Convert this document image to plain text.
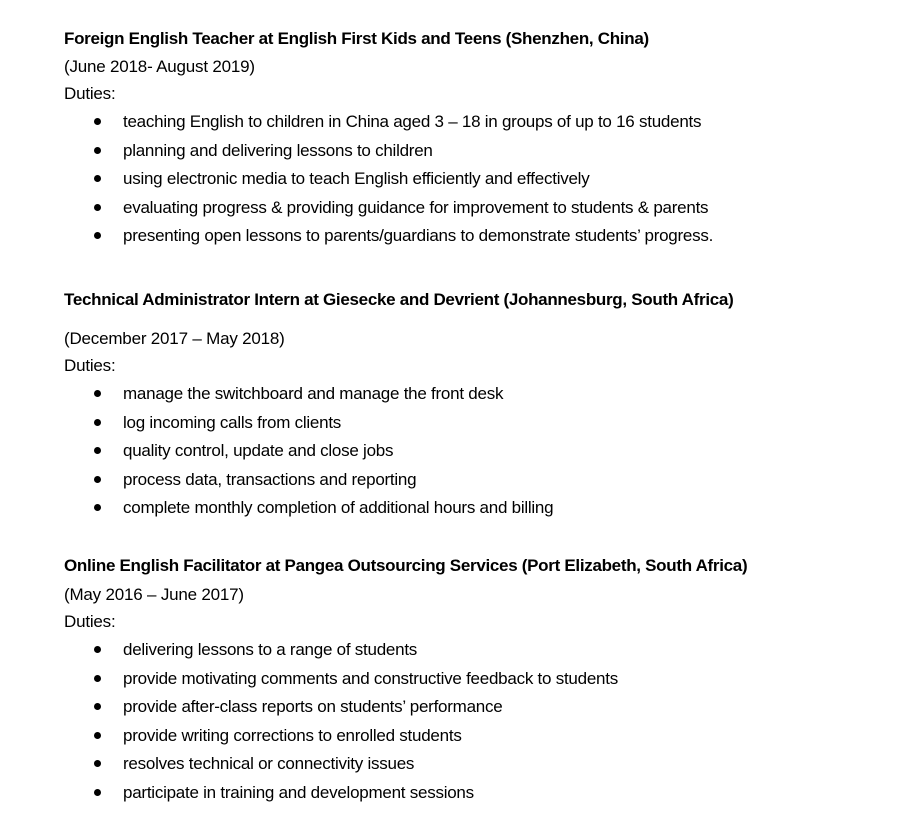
Foreign English Teacher at English First Kids and Teens (Shenzhen, China)
(June 2018- August 2019)
Duties:
teaching English to children in China aged 3 – 18 in groups of up to 16 students
planning and delivering lessons to children
using electronic media to teach English efficiently and effectively
evaluating progress & providing guidance for improvement to students & parents
presenting open lessons to parents/guardians to demonstrate students’ progress.
Technical Administrator Intern at Giesecke and Devrient (Johannesburg, South Africa)
(December 2017 – May 2018)
Duties:
manage the switchboard and manage the front desk
log incoming calls from clients
quality control, update and close jobs
process data, transactions and reporting
complete monthly completion of additional hours and billing
Online English Facilitator at Pangea Outsourcing Services (Port Elizabeth, South Africa)
(May 2016 – June 2017)
Duties:
delivering lessons to a range of students
provide motivating comments and constructive feedback to students
provide after-class reports on students’ performance
provide writing corrections to enrolled students
resolves technical or connectivity issues
participate in training and development sessions
